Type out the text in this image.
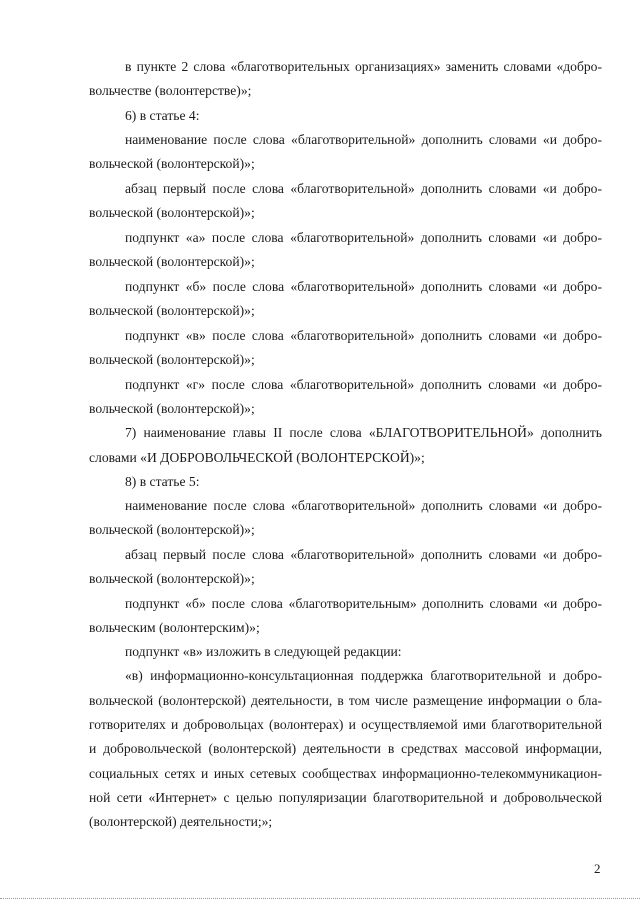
в пункте 2 слова «благотворительных организациях» заменить словами «добро-
вольчестве (волонтерстве)»;
6) в статье 4:
наименование после слова «благотворительной» дополнить словами «и добро-
вольческой (волонтерской)»;
абзац первый после слова «благотворительной» дополнить словами «и добро-
вольческой (волонтерской)»;
подпункт «а» после слова «благотворительной» дополнить словами «и добро-
вольческой (волонтерской)»;
подпункт «б» после слова «благотворительной» дополнить словами «и добро-
вольческой (волонтерской)»;
подпункт «в» после слова «благотворительной» дополнить словами «и добро-
вольческой (волонтерской)»;
подпункт «г» после слова «благотворительной» дополнить словами «и добро-
вольческой (волонтерской)»;
7) наименование главы II после слова «БЛАГОТВОРИТЕЛЬНОЙ» дополнить
словами «И ДОБРОВОЛЬЧЕСКОЙ (ВОЛОНТЕРСКОЙ)»;
8) в статье 5:
наименование после слова «благотворительной» дополнить словами «и добро-
вольческой (волонтерской)»;
абзац первый после слова «благотворительной» дополнить словами «и добро-
вольческой (волонтерской)»;
подпункт «б» после слова «благотворительным» дополнить словами «и добро-
вольческим (волонтерским)»;
подпункт «в» изложить в следующей редакции:
«в) информационно-консультационная поддержка благотворительной и добро-
вольческой (волонтерской) деятельности, в том числе размещение информации о бла-
готворителях и добровольцах (волонтерах) и осуществляемой ими благотворительной
и добровольческой (волонтерской) деятельности в средствах массовой информации,
социальных сетях и иных сетевых сообществах информационно-телекоммуникацион-
ной сети «Интернет» с целью популяризации благотворительной и добровольческой
(волонтерской) деятельности;»;
2
